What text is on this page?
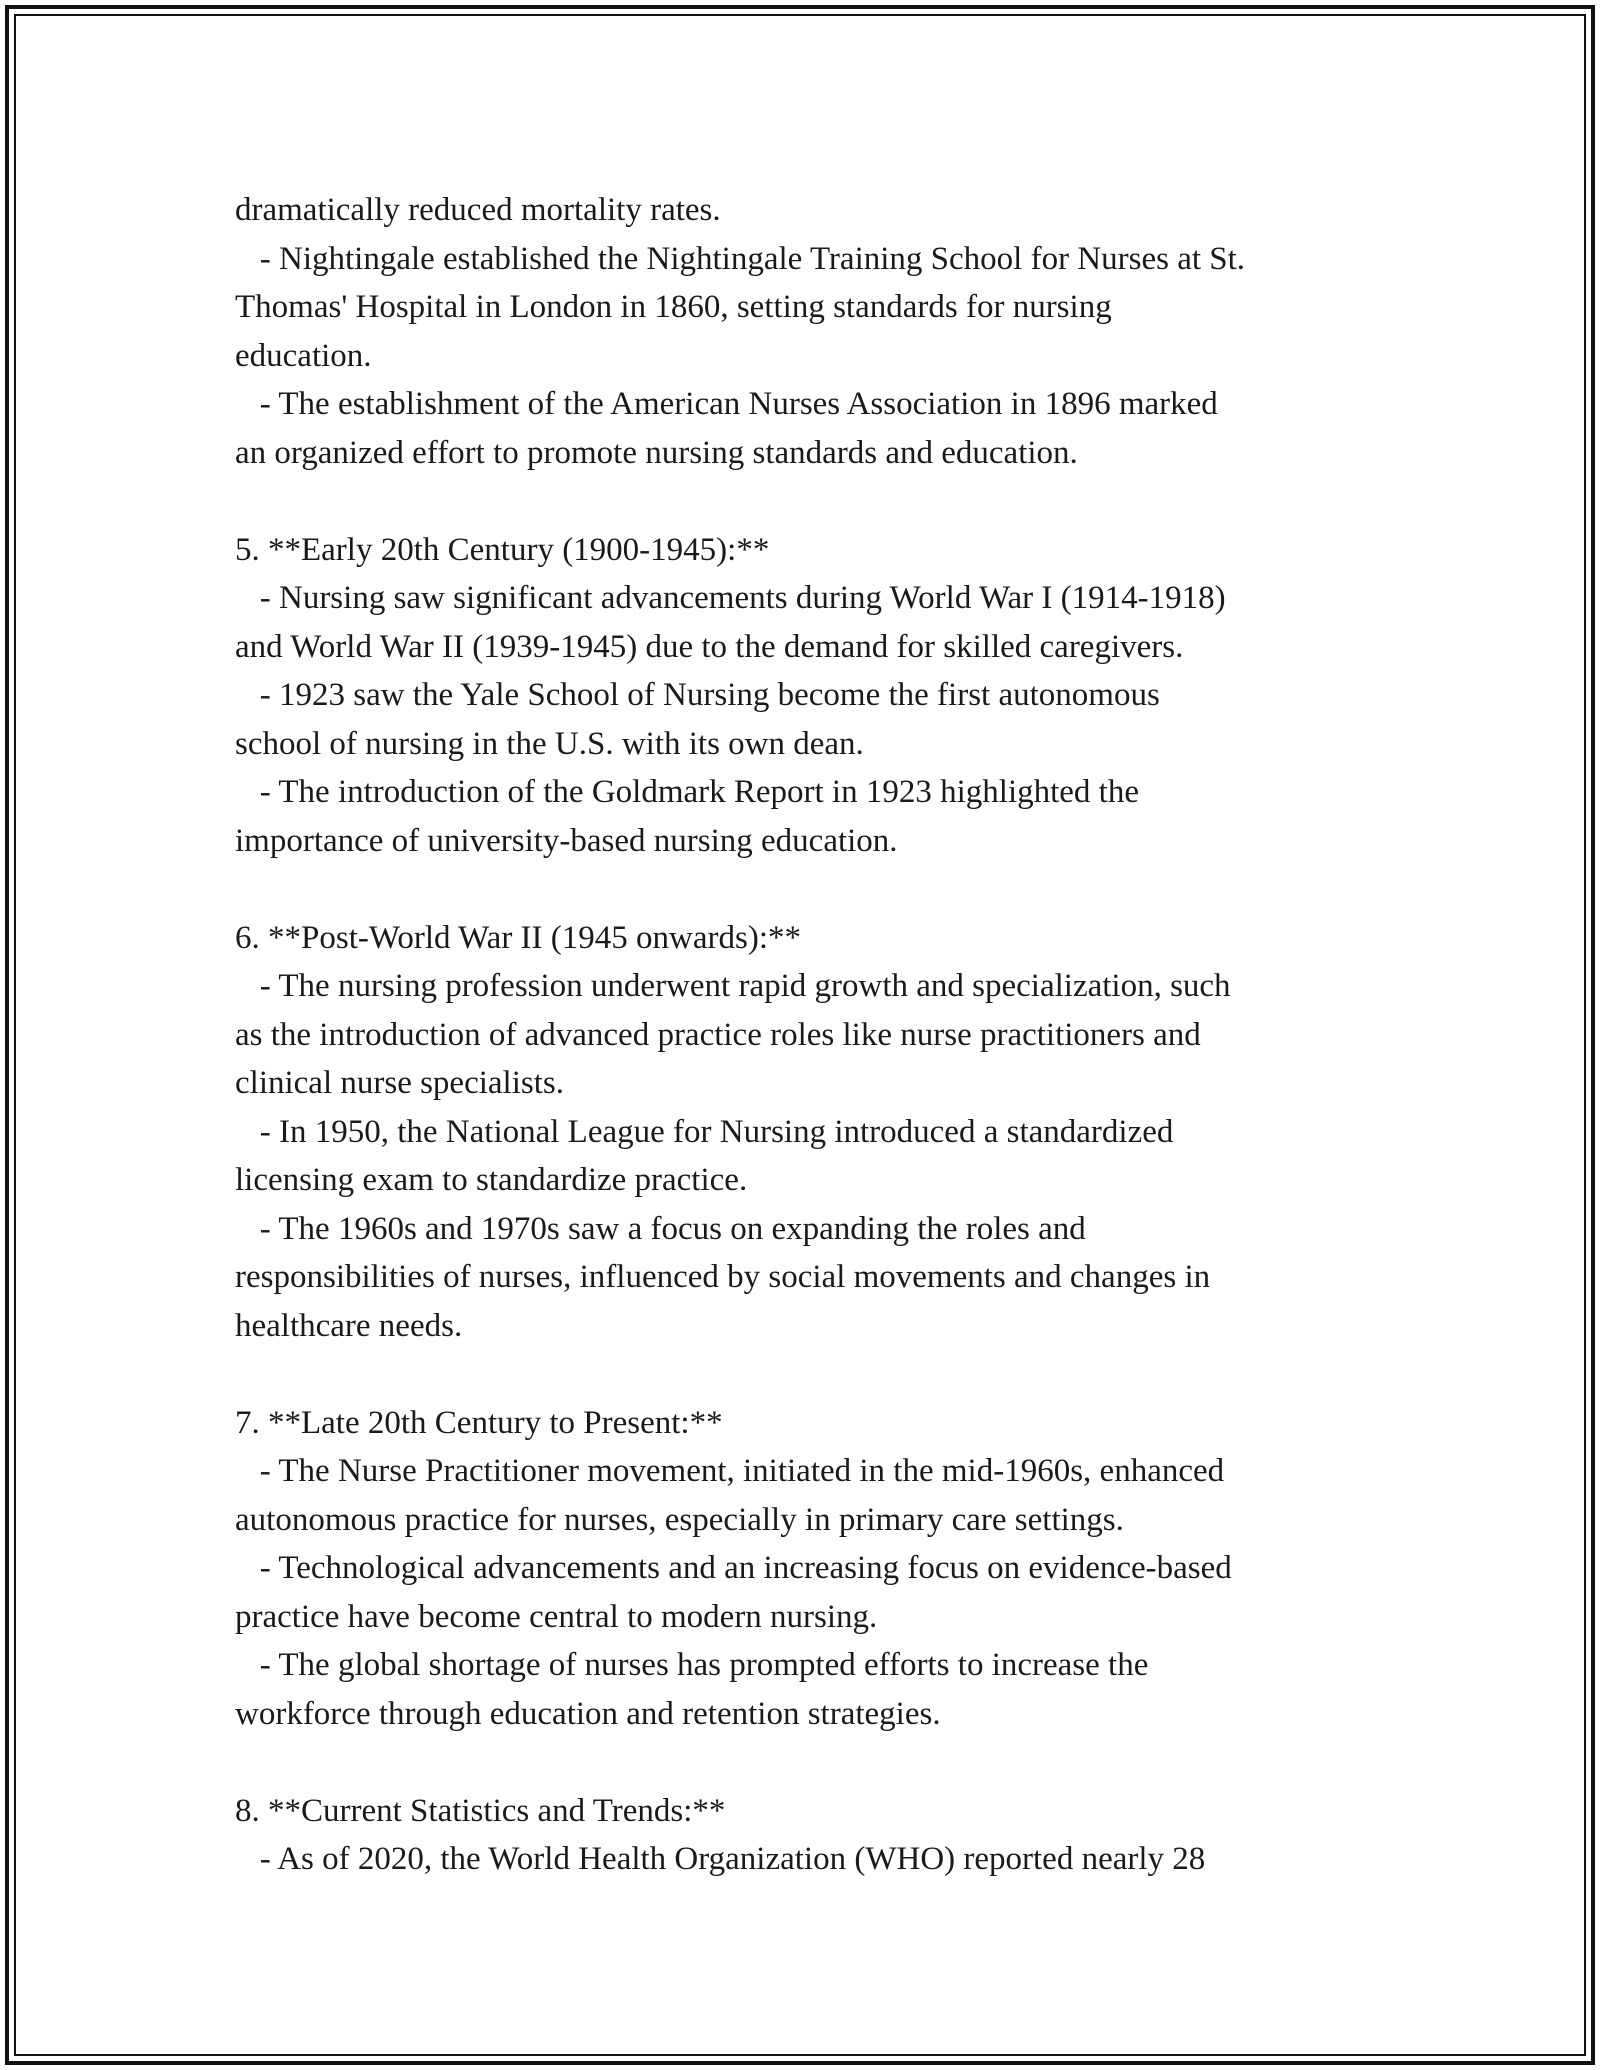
dramatically reduced mortality rates.
- Nightingale established the Nightingale Training School for Nurses at St.
Thomas' Hospital in London in 1860, setting standards for nursing
education.
- The establishment of the American Nurses Association in 1896 marked
an organized effort to promote nursing standards and education.

5. **Early 20th Century (1900-1945):**
- Nursing saw significant advancements during World War I (1914-1918)
and World War II (1939-1945) due to the demand for skilled caregivers.
- 1923 saw the Yale School of Nursing become the first autonomous
school of nursing in the U.S. with its own dean.
- The introduction of the Goldmark Report in 1923 highlighted the
importance of university-based nursing education.

6. **Post-World War II (1945 onwards):**
- The nursing profession underwent rapid growth and specialization, such
as the introduction of advanced practice roles like nurse practitioners and
clinical nurse specialists.
- In 1950, the National League for Nursing introduced a standardized
licensing exam to standardize practice.
- The 1960s and 1970s saw a focus on expanding the roles and
responsibilities of nurses, influenced by social movements and changes in
healthcare needs.

7. **Late 20th Century to Present:**
- The Nurse Practitioner movement, initiated in the mid-1960s, enhanced
autonomous practice for nurses, especially in primary care settings.
- Technological advancements and an increasing focus on evidence-based
practice have become central to modern nursing.
- The global shortage of nurses has prompted efforts to increase the
workforce through education and retention strategies.

8. **Current Statistics and Trends:**
- As of 2020, the World Health Organization (WHO) reported nearly 28
